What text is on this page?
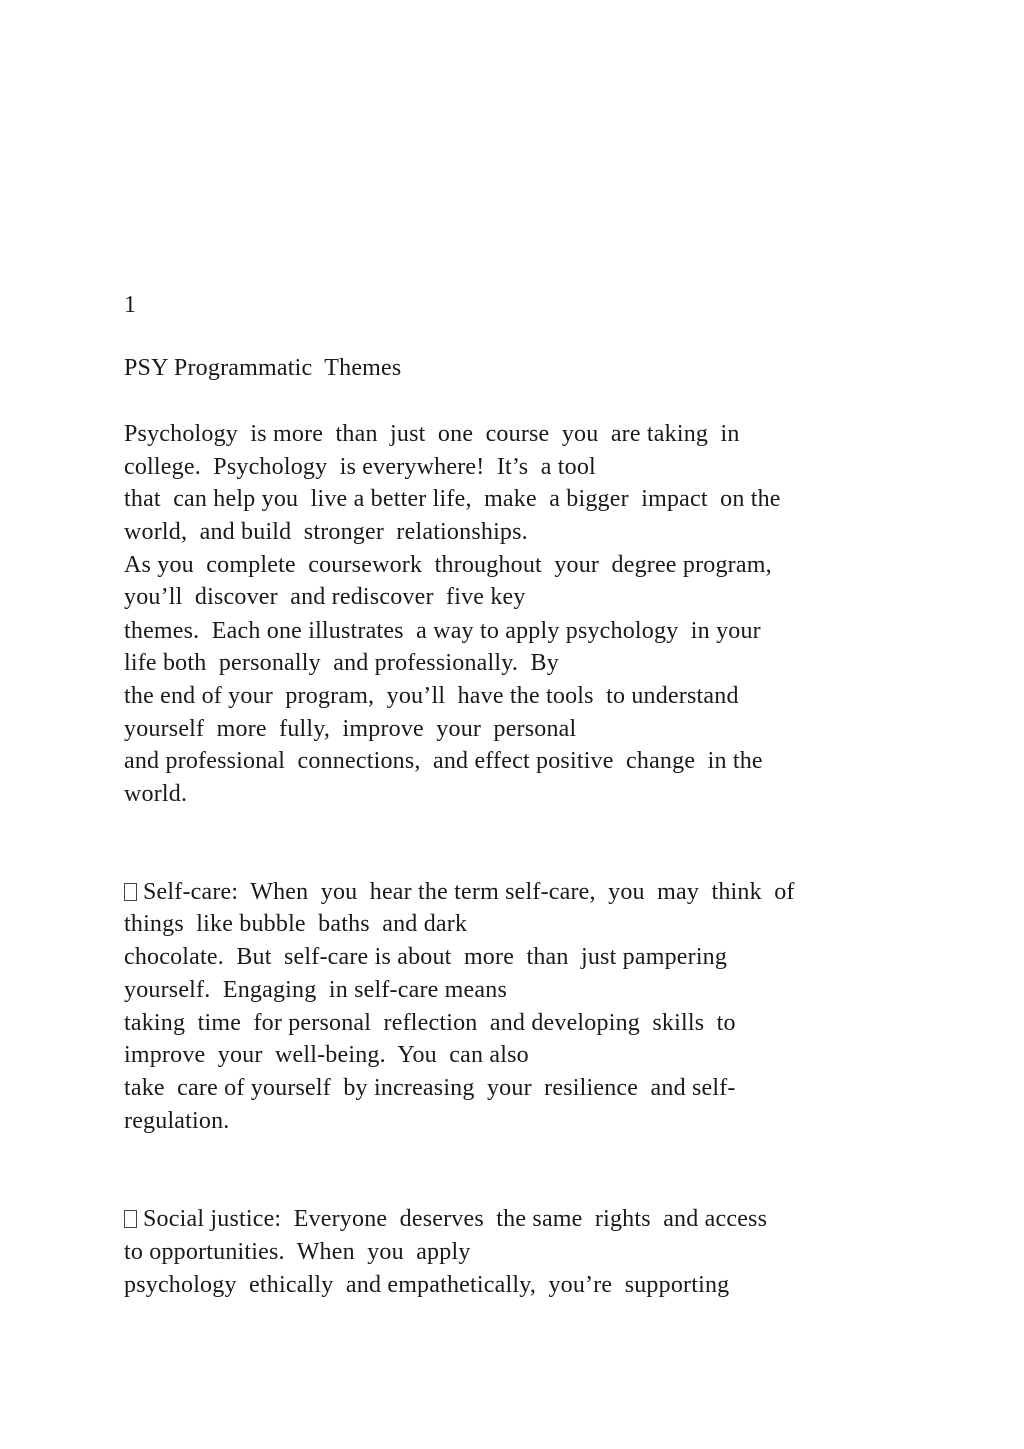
1
PSY Programmatic  Themes
Psychology  is more  than  just  one  course  you  are taking  in
college.  Psychology  is everywhere!  It’s  a tool
that  can help you  live a better life,  make  a bigger  impact  on the
world,  and build  stronger  relationships.
As you  complete  coursework  throughout  your  degree program,
you’ll  discover  and rediscover  five key
themes.  Each one illustrates  a way to apply psychology  in your
life both  personally  and professionally.  By
the end of your  program,  you’ll  have the tools  to understand
yourself  more  fully,  improve  your  personal
and professional  connections,  and effect positive  change  in the
world.
Self-care:  When  you  hear the term self-care,  you  may  think  of
things  like bubble  baths  and dark
chocolate.  But  self-care is about  more  than  just pampering
yourself.  Engaging  in self-care means
taking  time  for personal  reflection  and developing  skills  to
improve  your  well-being.  You  can also
take  care of yourself  by increasing  your  resilience  and self-
regulation.
Social justice:  Everyone  deserves  the same  rights  and access
to opportunities.  When  you  apply
psychology  ethically  and empathetically,  you’re  supporting
